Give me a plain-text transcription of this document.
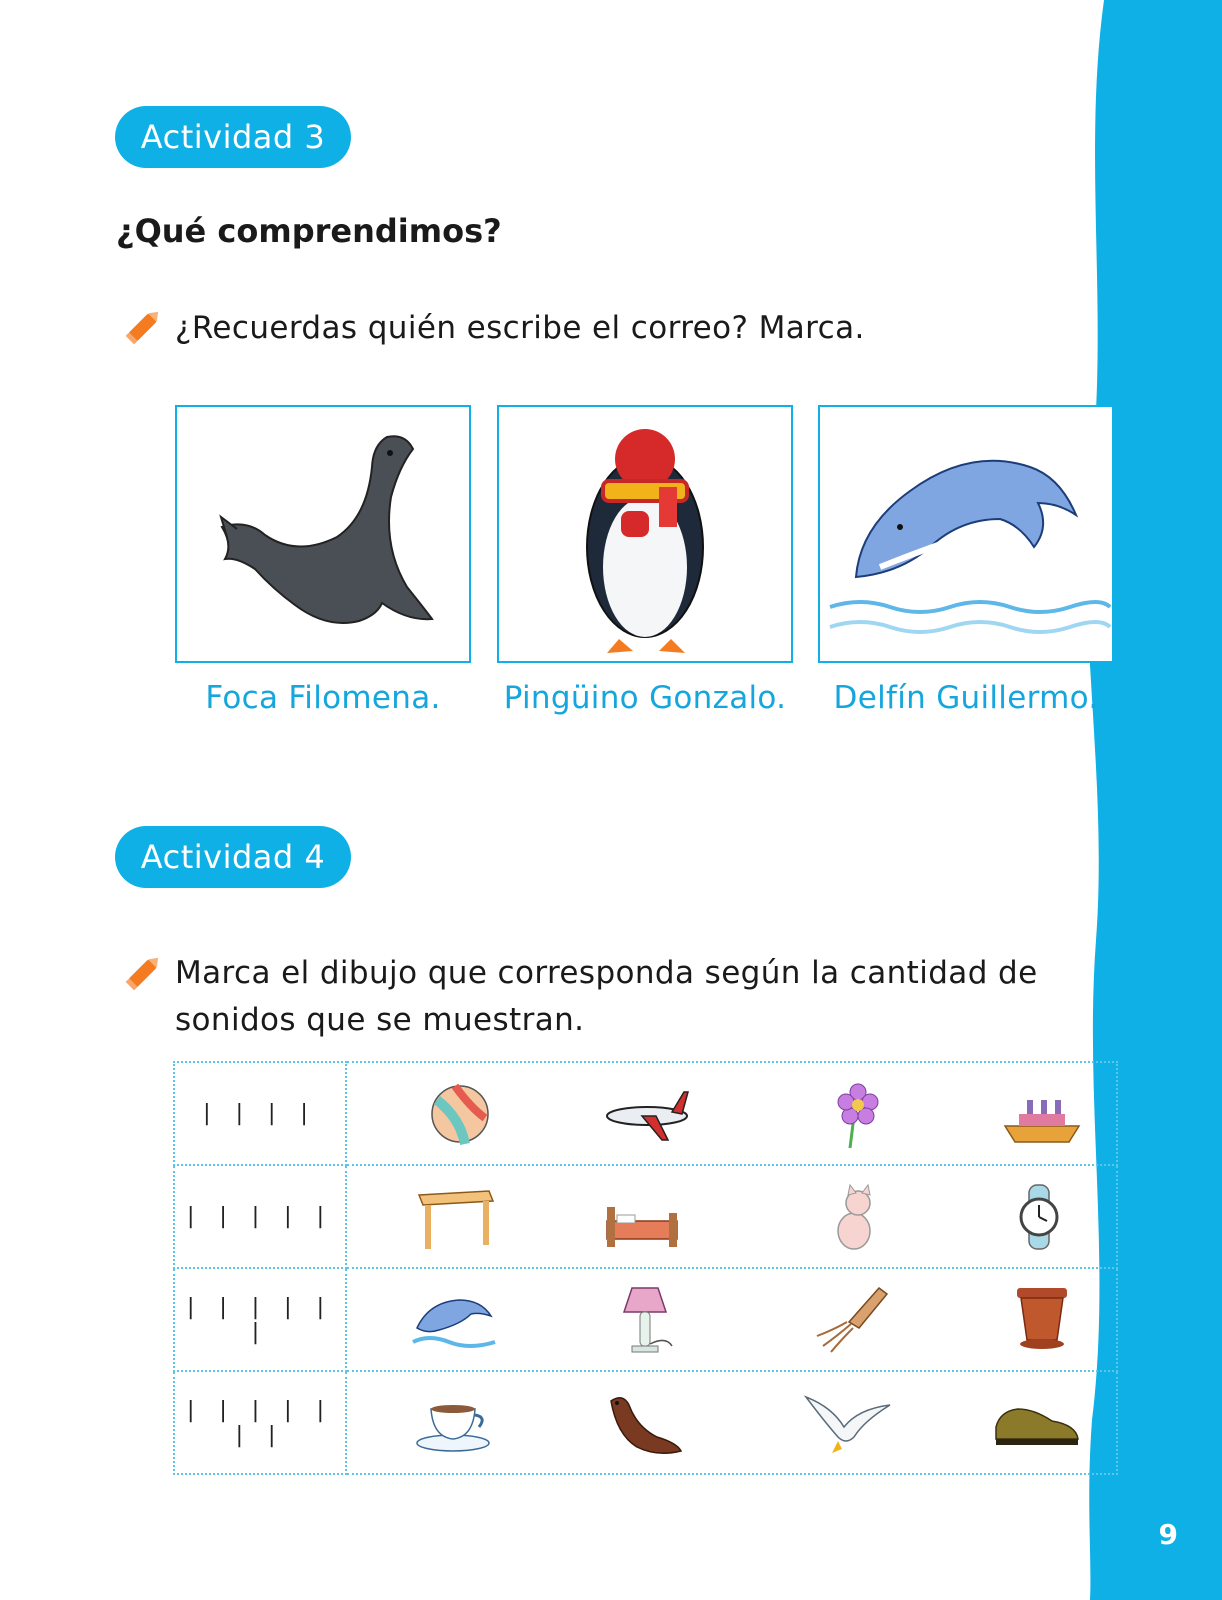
9
Actividad 3
¿Qué comprendimos?
¿Recuerdas quién escribe el correo? Marca.
Foca Filomena.	Pingüino Gonzalo.	Delfín Guillermo.
Actividad 4
Marca el dibujo que corresponda según la cantidad de
sonidos que se muestran.
| | | |	

| | | | |	

| | | | | |	

| | | | | | |	
